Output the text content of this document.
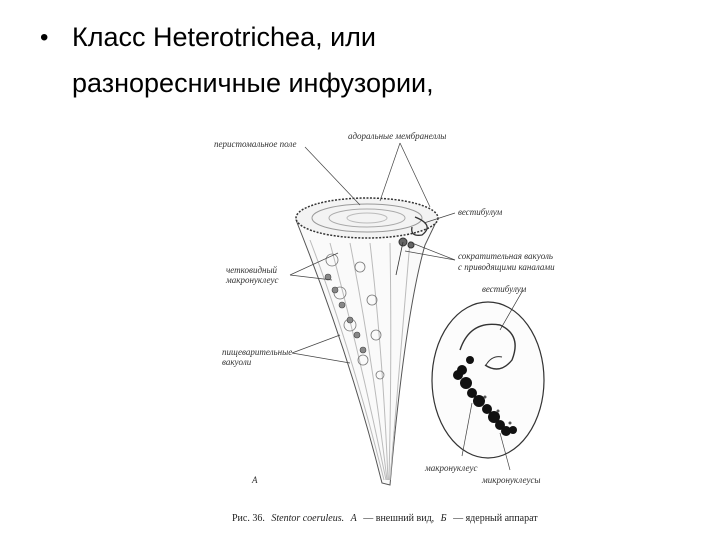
• Класс Heterotrichea, или
разноресничные инфузории,
перистомальное поле
адоральные мембранеллы
вестибулум
сократительная вакуоль
с приводящими каналами
четковидный макронуклеус
пищеварительные вакуоли
вестибулум
макронуклеус
микронуклеусы
А
Рис. 36. Stentor coeruleus. А — внешний вид, Б — ядерный аппарат
